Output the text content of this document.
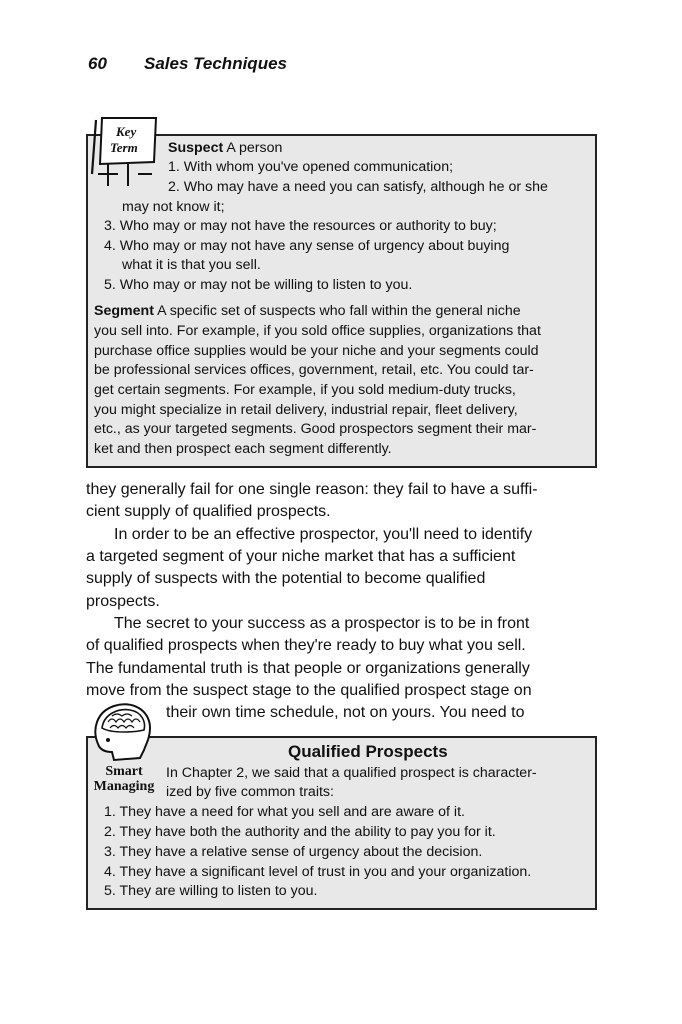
60 Sales Techniques
Key
Term Suspect A person
1. With whom you've opened communication;
2. Who may have a need you can satisfy, although he or she
may not know it;
3. Who may or may not have the resources or authority to buy;
4. Who may or may not have any sense of urgency about buying
what it is that you sell.
5. Who may or may not be willing to listen to you.
Segment A specific set of suspects who fall within the general niche
you sell into. For example, if you sold office supplies, organizations that
purchase office supplies would be your niche and your segments could
be professional services offices, government, retail, etc. You could tar-
get certain segments. For example, if you sold medium-duty trucks,
you might specialize in retail delivery, industrial repair, fleet delivery,
etc., as your targeted segments. Good prospectors segment their mar-
ket and then prospect each segment differently.
they generally fail for one single reason: they fail to have a suffi-
cient supply of qualified prospects.
In order to be an effective prospector, you'll need to identify
a targeted segment of your niche market that has a sufficient
supply of suspects with the potential to become qualified
prospects.
The secret to your success as a prospector is to be in front
of qualified prospects when they're ready to buy what you sell.
The fundamental truth is that people or organizations generally
move from the suspect stage to the qualified prospect stage on
their own time schedule, not on yours. You need to
Smart
Managing
Qualified Prospects
In Chapter 2, we said that a qualified prospect is character-
ized by five common traits:
1. They have a need for what you sell and are aware of it.
2. They have both the authority and the ability to pay you for it.
3. They have a relative sense of urgency about the decision.
4. They have a significant level of trust in you and your organization.
5. They are willing to listen to you.
